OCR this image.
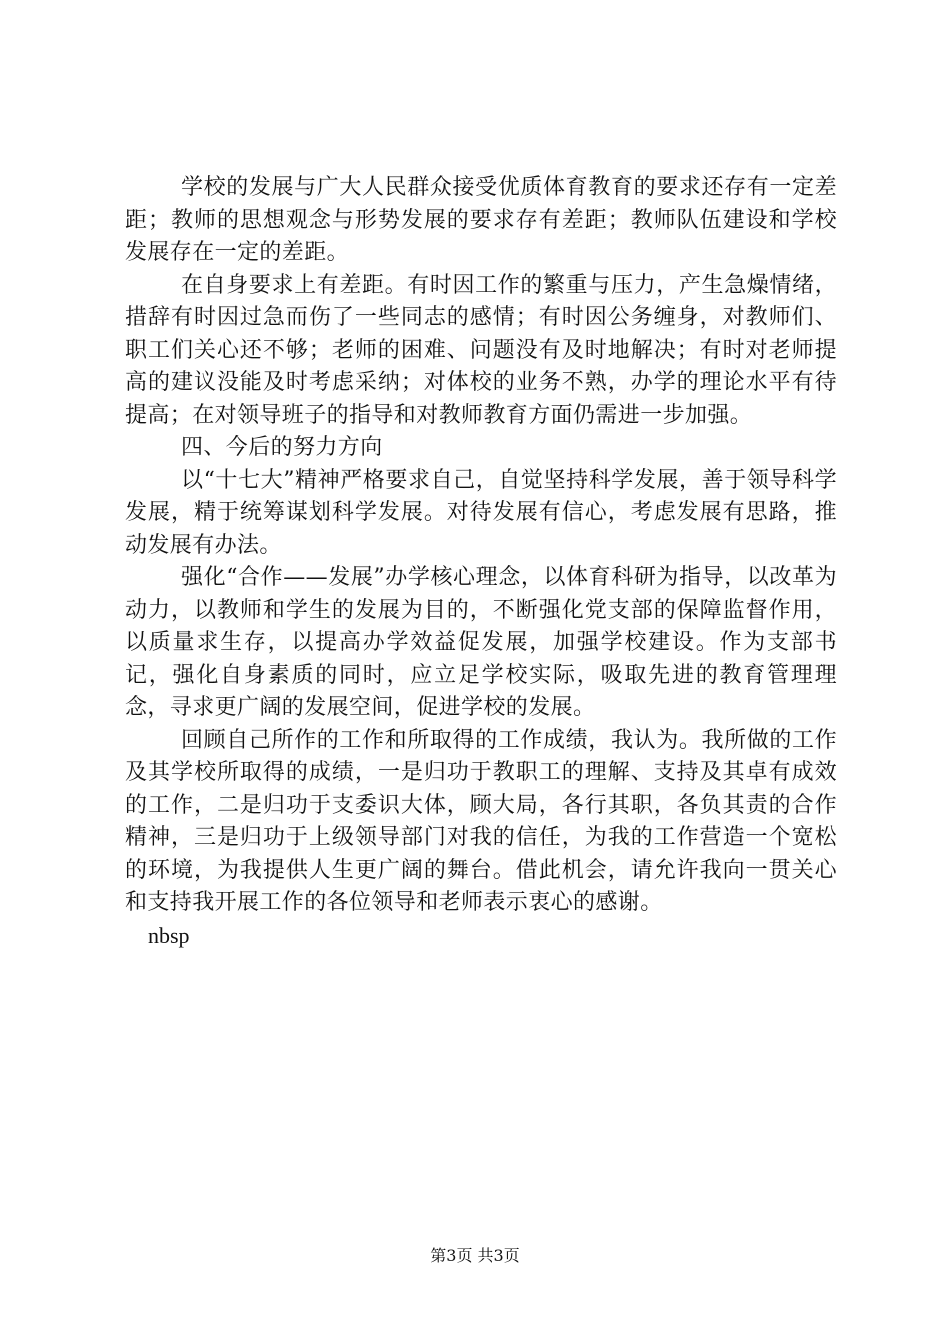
学校的发展与广大人民群众接受优质体育教育的要求还存有一定差距；教师的思想观念与形势发展的要求存有差距；教师队伍建设和学校发展存在一定的差距。

在自身要求上有差距。有时因工作的繁重与压力，产生急燥情绪，措辞有时因过急而伤了一些同志的感情；有时因公务缠身，对教师们、职工们关心还不够；老师的困难、问题没有及时地解决；有时对老师提高的建议没能及时考虑采纳；对体校的业务不熟，办学的理论水平有待提高；在对领导班子的指导和对教师教育方面仍需进一步加强。

四、今后的努力方向

以“十七大”精神严格要求自己，自觉坚持科学发展，善于领导科学发展，精于统筹谋划科学发展。对待发展有信心，考虑发展有思路，推动发展有办法。

强化“合作——发展”办学核心理念，以体育科研为指导，以改革为动力，以教师和学生的发展为目的，不断强化党支部的保障监督作用，以质量求生存，以提高办学效益促发展，加强学校建设。作为支部书记，强化自身素质的同时，应立足学校实际，吸取先进的教育管理理念，寻求更广阔的发展空间，促进学校的发展。

回顾自己所作的工作和所取得的工作成绩，我认为。我所做的工作及其学校所取得的成绩，一是归功于教职工的理解、支持及其卓有成效的工作，二是归功于支委识大体，顾大局，各行其职，各负其责的合作精神，三是归功于上级领导部门对我的信任，为我的工作营造一个宽松的环境，为我提供人生更广阔的舞台。借此机会，请允许我向一贯关心和支持我开展工作的各位领导和老师表示衷心的感谢。

nbsp

第3页 共3页
